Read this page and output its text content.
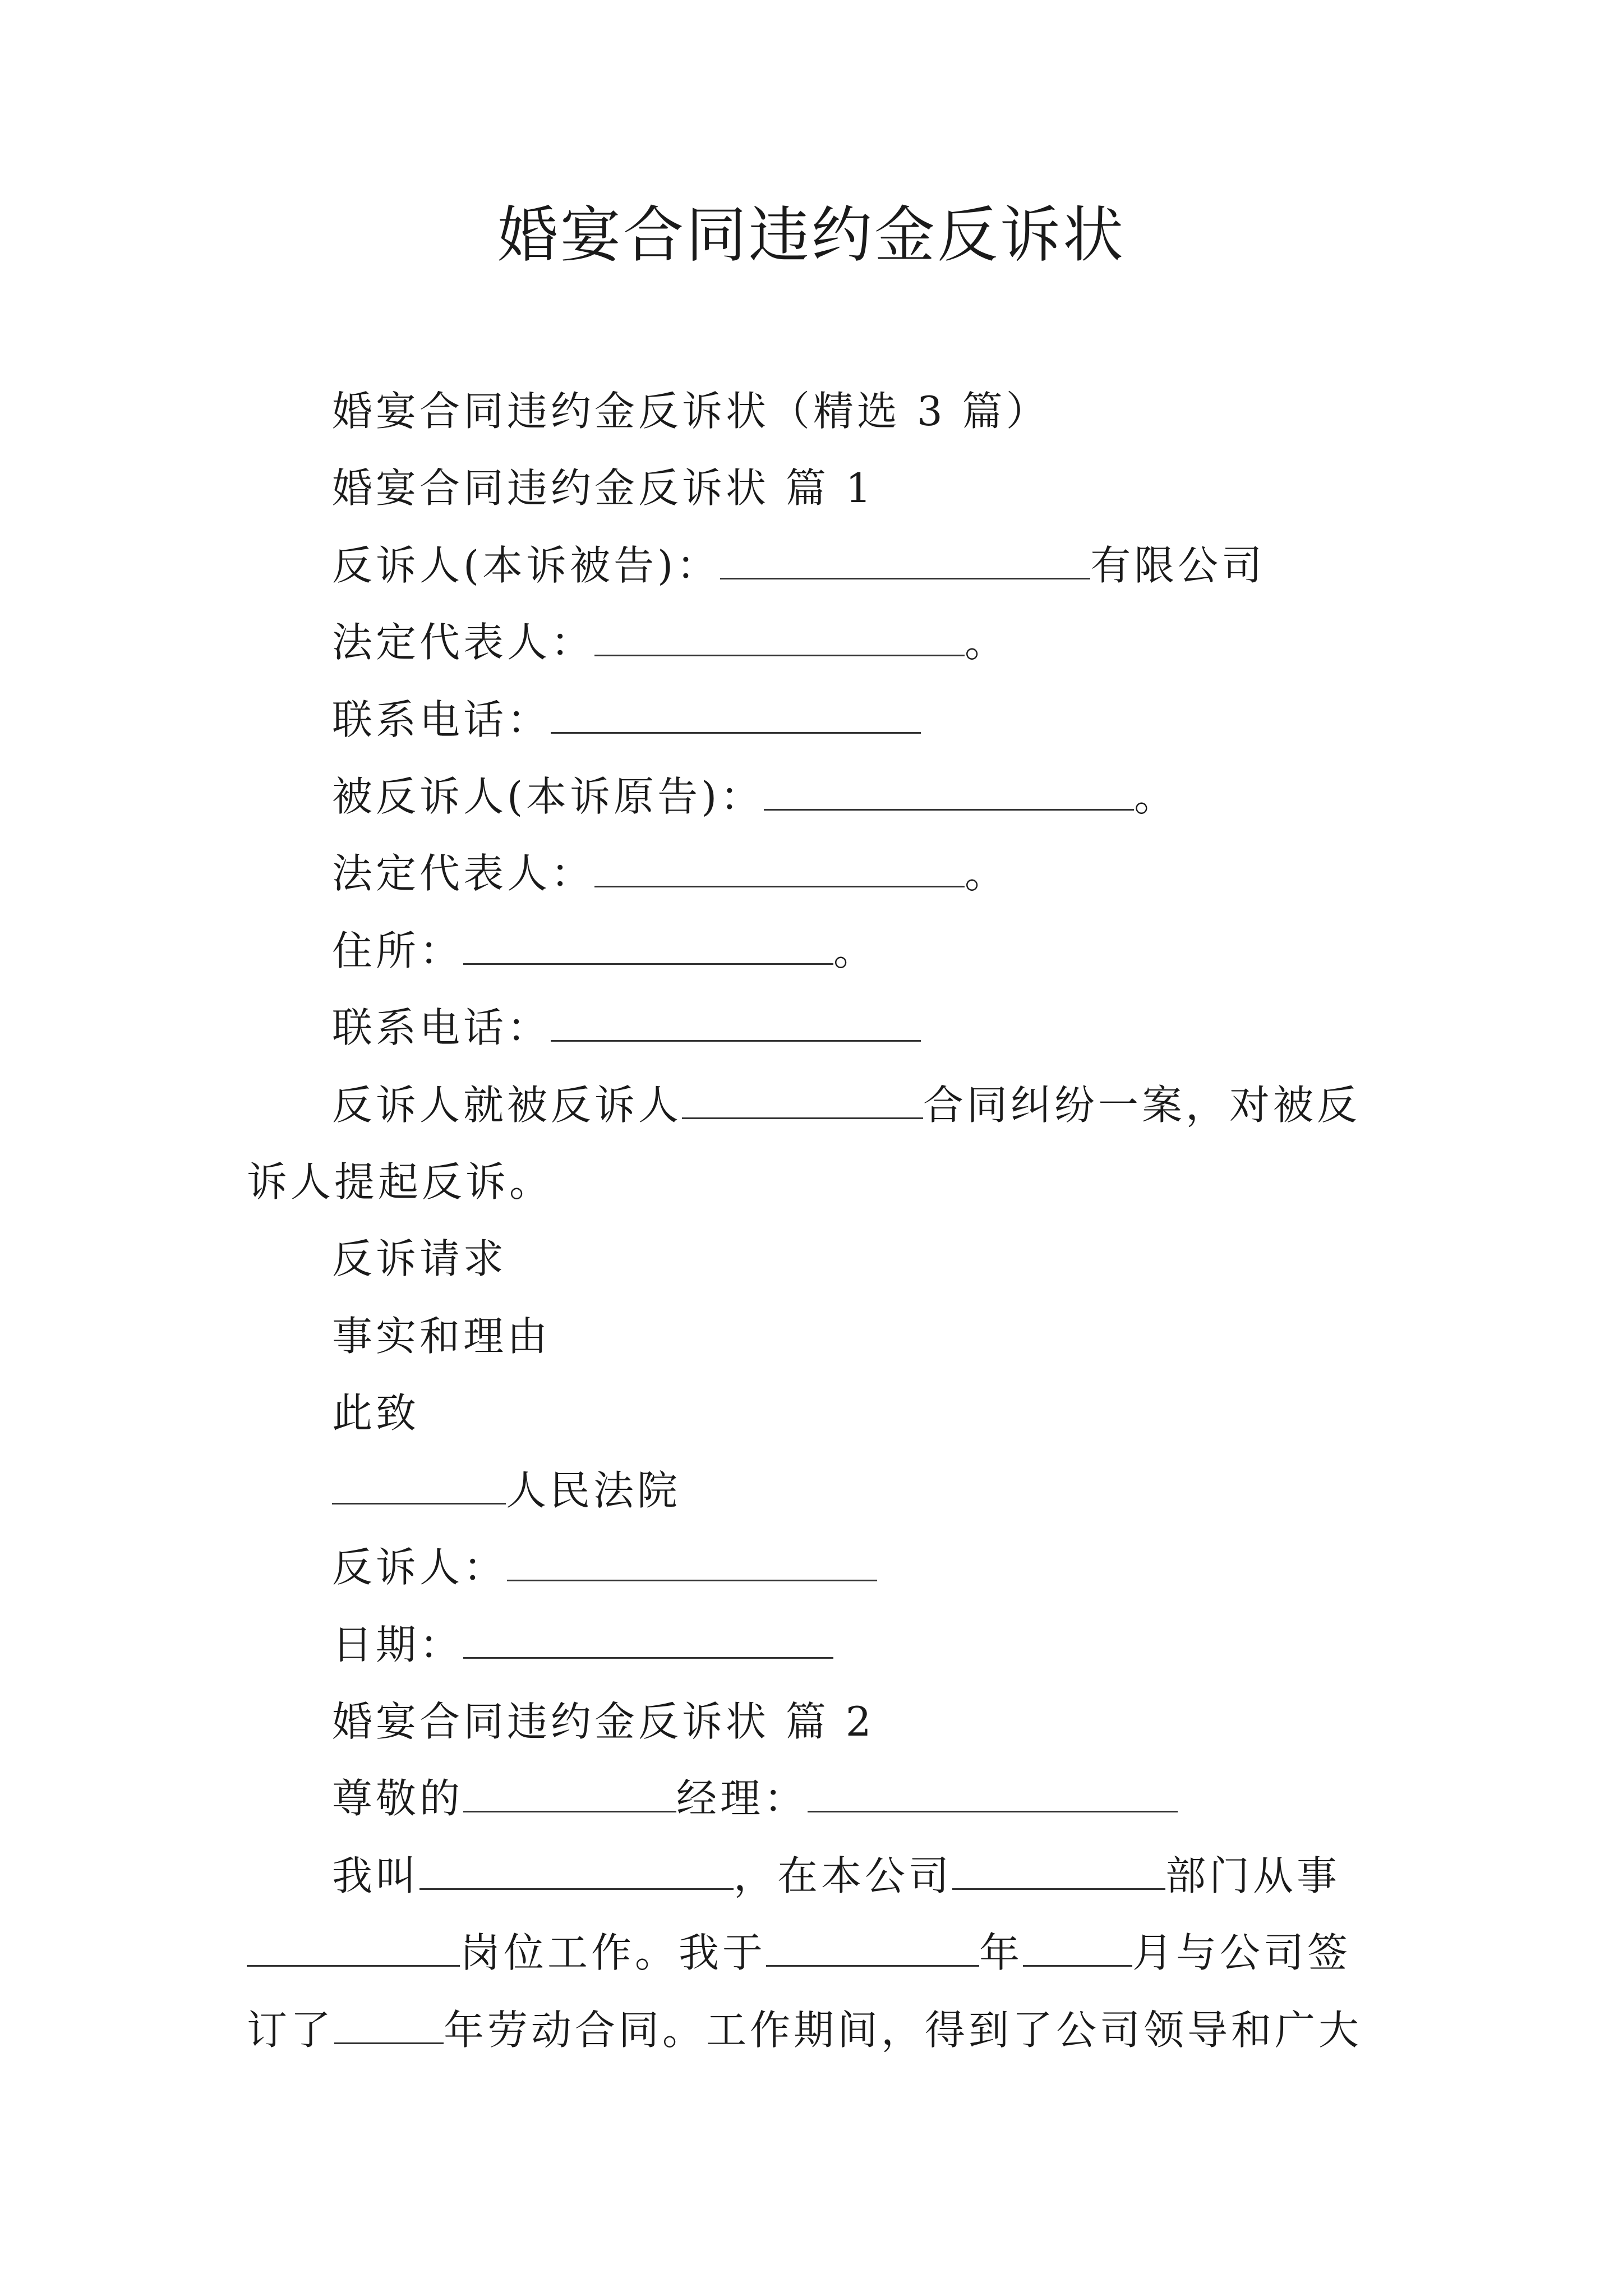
婚宴合同违约金反诉状
婚宴合同违约金反诉状（精选 3 篇）
婚宴合同违约金反诉状 篇 1
反诉人(本诉被告)：	有限公司
法定代表人：	。
联系电话：
被反诉人(本诉原告)：	。
法定代表人：	。
住所：	。
联系电话：
反诉人就被反诉人	合同纠纷一案，对被反
诉人提起反诉。
反诉请求
事实和理由
此致
人民法院
反诉人：
日期：
婚宴合同违约金反诉状 篇 2
尊敬的	经理：
我叫	，在本公司	部门从事
岗位工作。我于	年	月与公司签
订了	年劳动合同。工作期间，得到了公司领导和广大
